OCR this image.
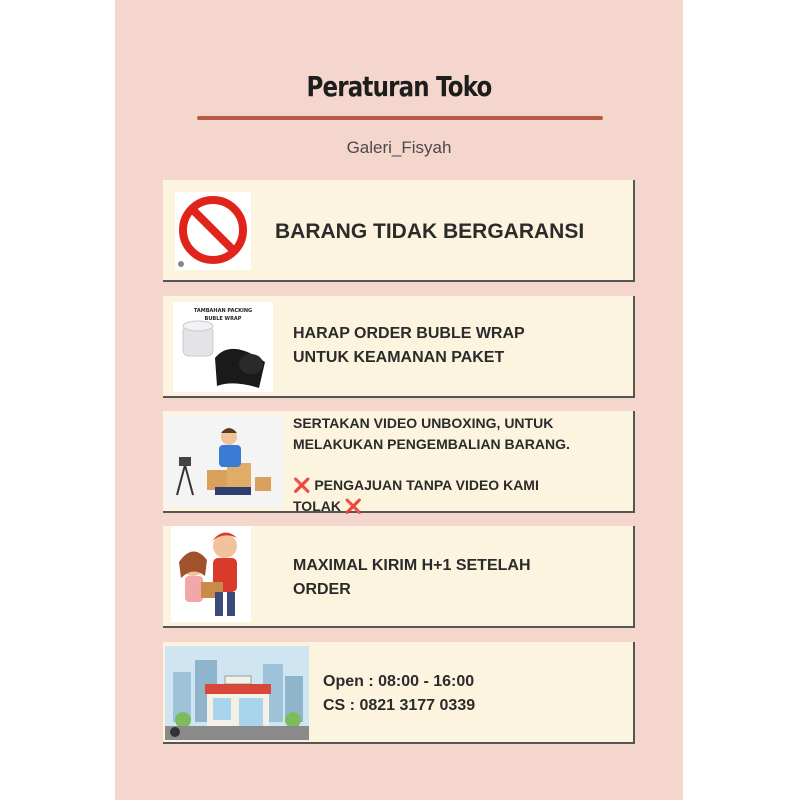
Peraturan Toko
Galeri_Fisyah
BARANG TIDAK BERGARANSI
TAMBAHAN PACKING
BUBLE WRAP
HARAP ORDER BUBLE WRAP
UNTUK KEAMANAN PAKET
SERTAKAN VIDEO UNBOXING, UNTUK
MELAKUKAN PENGEMBALIAN BARANG.
❌ PENGAJUAN TANPA VIDEO KAMI
TOLAK ❌
MAXIMAL KIRIM H+1 SETELAH
ORDER
Open : 08:00 - 16:00
CS : 0821 3177 0339
